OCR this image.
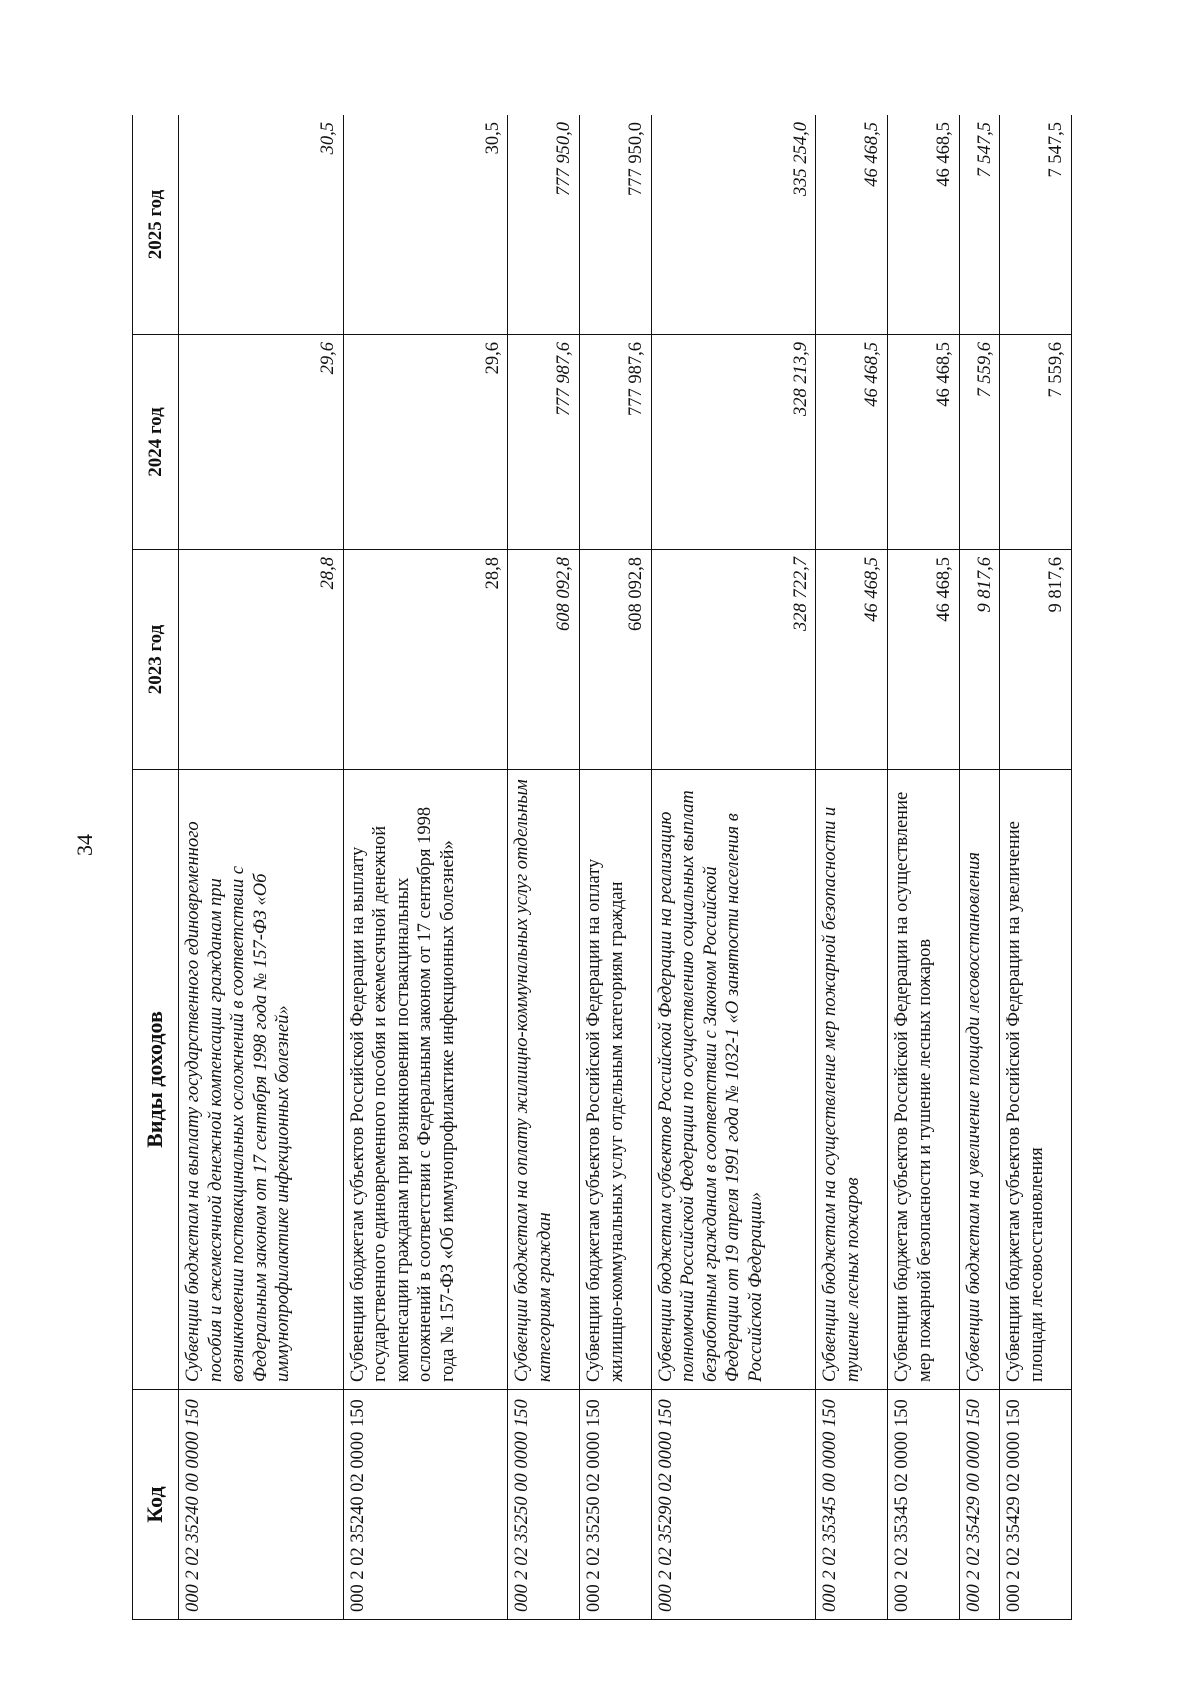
34
Код	Виды доходов	2023 год	2024 год	2025 год
000 2 02 35240 00 0000 150	Субвенции бюджетам на выплату государственного единовременного пособия и ежемесячной денежной компенсации гражданам при возникновении поствакцинальных осложнений в соответствии с Федеральным законом от 17 сентября 1998 года № 157-ФЗ «Об иммунопрофилактике инфекционных болезней»	28,8	29,6	30,5
000 2 02 35240 02 0000 150	Субвенции бюджетам субъектов Российской Федерации на выплату государственного единовременного пособия и ежемесячной денежной компенсации гражданам при возникновении поствакцинальных осложнений в соответствии с Федеральным законом от 17 сентября 1998 года № 157-ФЗ «Об иммунопрофилактике инфекционных болезней»	28,8	29,6	30,5
000 2 02 35250 00 0000 150	Субвенции бюджетам на оплату жилищно-коммунальных услуг отдельным категориям граждан	608 092,8	777 987,6	777 950,0
000 2 02 35250 02 0000 150	Субвенции бюджетам субъектов Российской Федерации на оплату жилищно-коммунальных услуг отдельным категориям граждан	608 092,8	777 987,6	777 950,0
000 2 02 35290 02 0000 150	Субвенции бюджетам субъектов Российской Федерации на реализацию полномочий Российской Федерации по осуществлению социальных выплат безработным гражданам в соответствии с Законом Российской Федерации от 19 апреля 1991 года № 1032-1 «О занятости населения в Российской Федерации»	328 722,7	328 213,9	335 254,0
000 2 02 35345 00 0000 150	Субвенции бюджетам на осуществление мер пожарной безопасности и тушение лесных пожаров	46 468,5	46 468,5	46 468,5
000 2 02 35345 02 0000 150	Субвенции бюджетам субъектов Российской Федерации на осуществление мер пожарной безопасности и тушение лесных пожаров	46 468,5	46 468,5	46 468,5
000 2 02 35429 00 0000 150	Субвенции бюджетам на увеличение площади лесовосстановления	9 817,6	7 559,6	7 547,5
000 2 02 35429 02 0000 150	Субвенции бюджетам субъектов Российской Федерации на увеличение площади лесовосстановления	9 817,6	7 559,6	7 547,5
